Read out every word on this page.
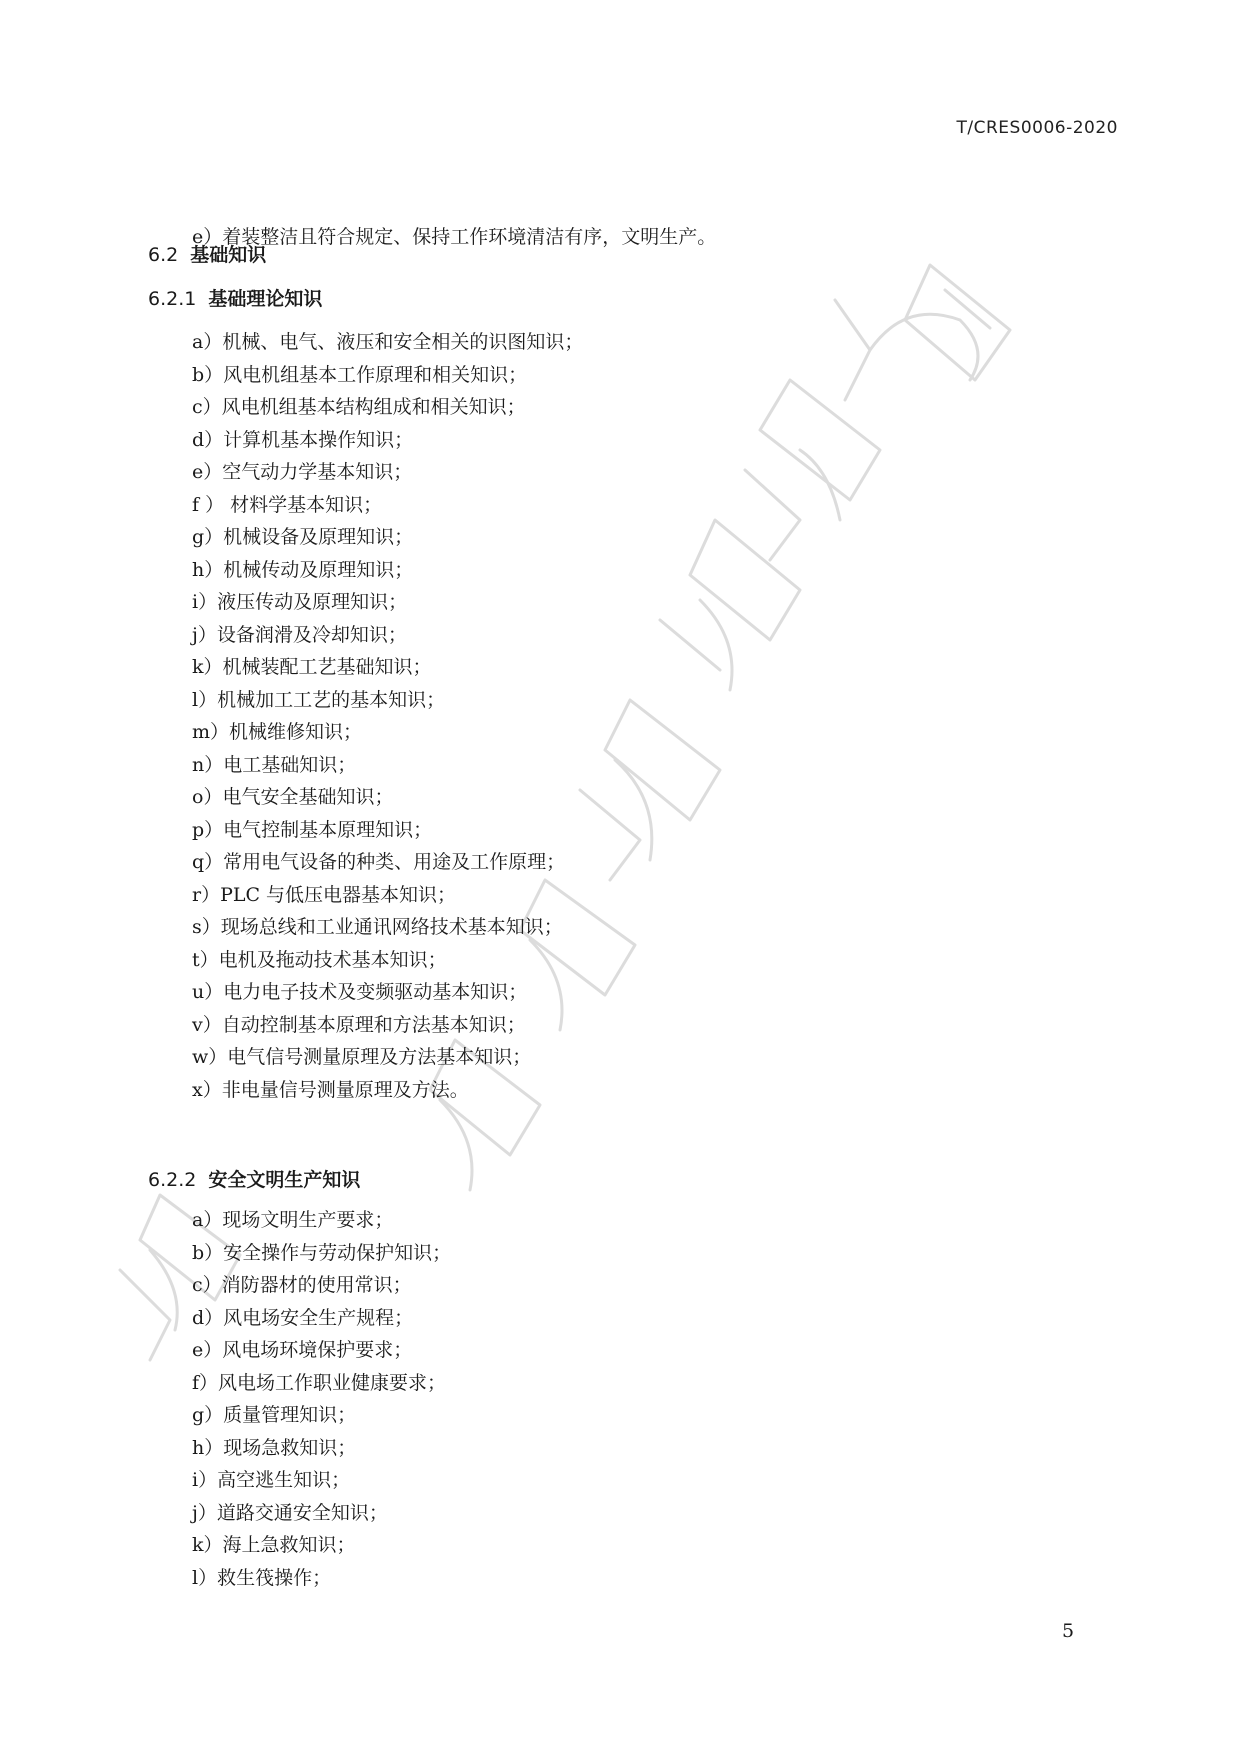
T/CRES0006-2020
e）着装整洁且符合规定、保持工作环境清洁有序，文明生产。
6.2 基础知识
6.2.1 基础理论知识
a）机械、电气、液压和安全相关的识图知识；
b）风电机组基本工作原理和相关知识；
c）风电机组基本结构组成和相关知识；
d）计算机基本操作知识；
e）空气动力学基本知识；
f ） 材料学基本知识；
g）机械设备及原理知识；
h）机械传动及原理知识；
i）液压传动及原理知识；
j）设备润滑及冷却知识；
k）机械装配工艺基础知识；
l）机械加工工艺的基本知识；
m）机械维修知识；
n）电工基础知识；
o）电气安全基础知识；
p）电气控制基本原理知识；
q）常用电气设备的种类、用途及工作原理；
r）PLC 与低压电器基本知识；
s）现场总线和工业通讯网络技术基本知识；
t）电机及拖动技术基本知识；
u）电力电子技术及变频驱动基本知识；
v）自动控制基本原理和方法基本知识；
w）电气信号测量原理及方法基本知识；
x）非电量信号测量原理及方法。
6.2.2 安全文明生产知识
a）现场文明生产要求；
b）安全操作与劳动保护知识；
c）消防器材的使用常识；
d）风电场安全生产规程；
e）风电场环境保护要求；
f）风电场工作职业健康要求；
g）质量管理知识；
h）现场急救知识；
i）高空逃生知识；
j）道路交通安全知识；
k）海上急救知识；
l）救生筏操作；
5
